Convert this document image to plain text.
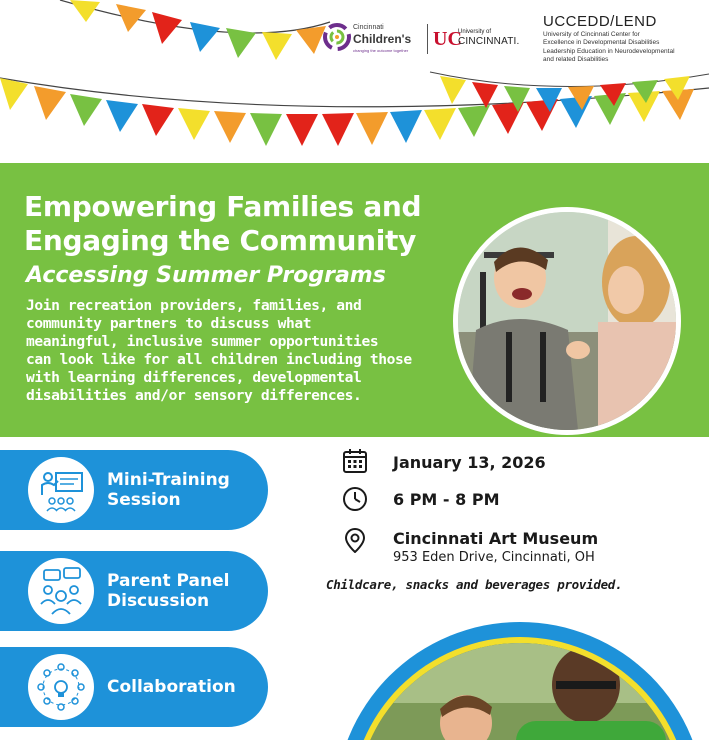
Cincinnati
Children's
changing the outcome together
UC
University of
CINCINNATI.
UCCEDD/LEND
University of Cincinnati Center for
Excellence in Developmental Disabilities
Leadership Education in Neurodevelopmental
and related Disabilities
Empowering Families and
Engaging the Community
Accessing Summer Programs
Join recreation providers, families, and
community partners to discuss what
meaningful, inclusive summer opportunities
can look like for all children including those
with learning differences, developmental
disabilities and/or sensory differences.
Mini-Training
Session
Parent Panel
Discussion
Collaboration
January 13, 2026
6 PM - 8 PM
Cincinnati Art Museum
953 Eden Drive, Cincinnati, OH
Childcare, snacks and beverages provided.
